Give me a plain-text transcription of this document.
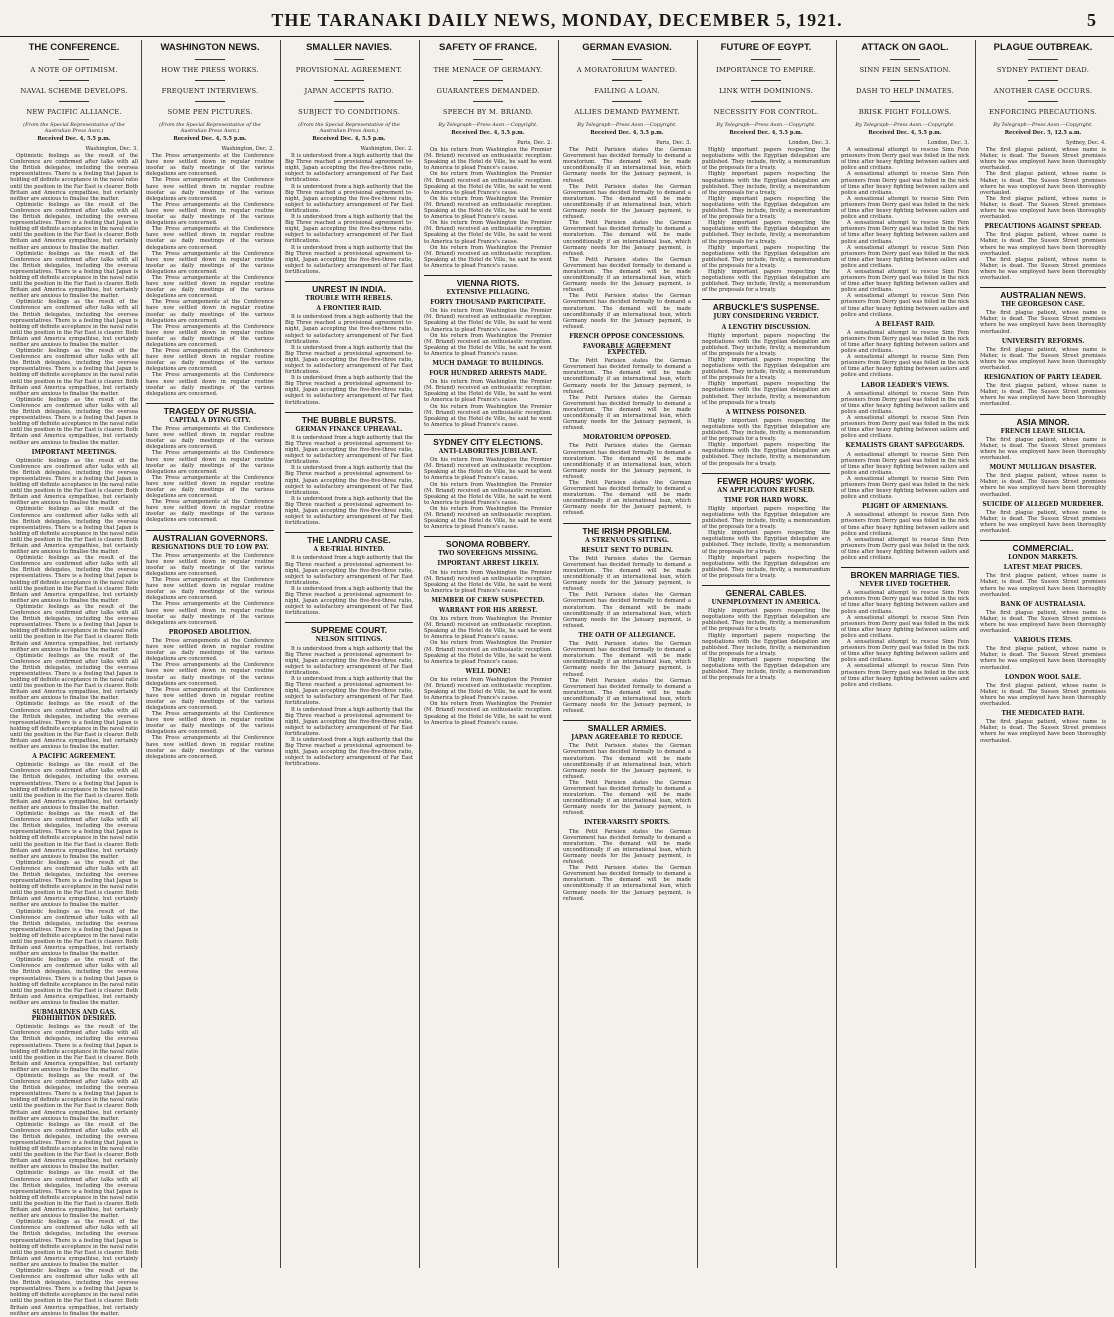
THE TARANAKI DAILY NEWS, MONDAY, DECEMBER 5, 1921.	5
THE CONFERENCE.
A NOTE OF OPTIMISM.
NAVAL SCHEME DEVELOPS.
NEW PACIFIC ALLIANCE.
(From the Special Representative of the Australian Press Assn.)
Received Dec. 4, 5.5 p.m.
Washington, Dec. 3.

Optimistic feelings as the result of the Conference are confirmed after talks with all the British delegates, including the oversea representatives. There is a feeling that Japan is holding off definite acceptance in the naval ratio until the position in the Far East is clearer. Both Britain and America sympathise, but certainly neither are anxious to finalise the matter.

Optimistic feelings as the result of the Conference are confirmed after talks with all the British delegates, including the oversea representatives. There is a feeling that Japan is holding off definite acceptance in the naval ratio until the position in the Far East is clearer. Both Britain and America sympathise, but certainly neither are anxious to finalise the matter.

Optimistic feelings as the result of the Conference are confirmed after talks with all the British delegates, including the oversea representatives. There is a feeling that Japan is holding off definite acceptance in the naval ratio until the position in the Far East is clearer. Both Britain and America sympathise, but certainly neither are anxious to finalise the matter.

Optimistic feelings as the result of the Conference are confirmed after talks with all the British delegates, including the oversea representatives. There is a feeling that Japan is holding off definite acceptance in the naval ratio until the position in the Far East is clearer. Both Britain and America sympathise, but certainly neither are anxious to finalise the matter.

Optimistic feelings as the result of the Conference are confirmed after talks with all the British delegates, including the oversea representatives. There is a feeling that Japan is holding off definite acceptance in the naval ratio until the position in the Far East is clearer. Both Britain and America sympathise, but certainly neither are anxious to finalise the matter.

Optimistic feelings as the result of the Conference are confirmed after talks with all the British delegates, including the oversea representatives. There is a feeling that Japan is holding off definite acceptance in the naval ratio until the position in the Far East is clearer. Both Britain and America sympathise, but certainly neither are anxious to finalise the matter.

IMPORTANT MEETINGS.

Optimistic feelings as the result of the Conference are confirmed after talks with all the British delegates, including the oversea representatives. There is a feeling that Japan is holding off definite acceptance in the naval ratio until the position in the Far East is clearer. Both Britain and America sympathise, but certainly neither are anxious to finalise the matter.

Optimistic feelings as the result of the Conference are confirmed after talks with all the British delegates, including the oversea representatives. There is a feeling that Japan is holding off definite acceptance in the naval ratio until the position in the Far East is clearer. Both Britain and America sympathise, but certainly neither are anxious to finalise the matter.

Optimistic feelings as the result of the Conference are confirmed after talks with all the British delegates, including the oversea representatives. There is a feeling that Japan is holding off definite acceptance in the naval ratio until the position in the Far East is clearer. Both Britain and America sympathise, but certainly neither are anxious to finalise the matter.

Optimistic feelings as the result of the Conference are confirmed after talks with all the British delegates, including the oversea representatives. There is a feeling that Japan is holding off definite acceptance in the naval ratio until the position in the Far East is clearer. Both Britain and America sympathise, but certainly neither are anxious to finalise the matter.

Optimistic feelings as the result of the Conference are confirmed after talks with all the British delegates, including the oversea representatives. There is a feeling that Japan is holding off definite acceptance in the naval ratio until the position in the Far East is clearer. Both Britain and America sympathise, but certainly neither are anxious to finalise the matter.

Optimistic feelings as the result of the Conference are confirmed after talks with all the British delegates, including the oversea representatives. There is a feeling that Japan is holding off definite acceptance in the naval ratio until the position in the Far East is clearer. Both Britain and America sympathise, but certainly neither are anxious to finalise the matter.

A PACIFIC AGREEMENT.

Optimistic feelings as the result of the Conference are confirmed after talks with all the British delegates, including the oversea representatives. There is a feeling that Japan is holding off definite acceptance in the naval ratio until the position in the Far East is clearer. Both Britain and America sympathise, but certainly neither are anxious to finalise the matter.

Optimistic feelings as the result of the Conference are confirmed after talks with all the British delegates, including the oversea representatives. There is a feeling that Japan is holding off definite acceptance in the naval ratio until the position in the Far East is clearer. Both Britain and America sympathise, but certainly neither are anxious to finalise the matter.

Optimistic feelings as the result of the Conference are confirmed after talks with all the British delegates, including the oversea representatives. There is a feeling that Japan is holding off definite acceptance in the naval ratio until the position in the Far East is clearer. Both Britain and America sympathise, but certainly neither are anxious to finalise the matter.

Optimistic feelings as the result of the Conference are confirmed after talks with all the British delegates, including the oversea representatives. There is a feeling that Japan is holding off definite acceptance in the naval ratio until the position in the Far East is clearer. Both Britain and America sympathise, but certainly neither are anxious to finalise the matter.

Optimistic feelings as the result of the Conference are confirmed after talks with all the British delegates, including the oversea representatives. There is a feeling that Japan is holding off definite acceptance in the naval ratio until the position in the Far East is clearer. Both Britain and America sympathise, but certainly neither are anxious to finalise the matter.

SUBMARINES AND GAS. PROHIBITION DESIRED.

Optimistic feelings as the result of the Conference are confirmed after talks with all the British delegates, including the oversea representatives. There is a feeling that Japan is holding off definite acceptance in the naval ratio until the position in the Far East is clearer. Both Britain and America sympathise, but certainly neither are anxious to finalise the matter.

Optimistic feelings as the result of the Conference are confirmed after talks with all the British delegates, including the oversea representatives. There is a feeling that Japan is holding off definite acceptance in the naval ratio until the position in the Far East is clearer. Both Britain and America sympathise, but certainly neither are anxious to finalise the matter.

Optimistic feelings as the result of the Conference are confirmed after talks with all the British delegates, including the oversea representatives. There is a feeling that Japan is holding off definite acceptance in the naval ratio until the position in the Far East is clearer. Both Britain and America sympathise, but certainly neither are anxious to finalise the matter.

Optimistic feelings as the result of the Conference are confirmed after talks with all the British delegates, including the oversea representatives. There is a feeling that Japan is holding off definite acceptance in the naval ratio until the position in the Far East is clearer. Both Britain and America sympathise, but certainly neither are anxious to finalise the matter.

Optimistic feelings as the result of the Conference are confirmed after talks with all the British delegates, including the oversea representatives. There is a feeling that Japan is holding off definite acceptance in the naval ratio until the position in the Far East is clearer. Both Britain and America sympathise, but certainly neither are anxious to finalise the matter.

Optimistic feelings as the result of the Conference are confirmed after talks with all the British delegates, including the oversea representatives. There is a feeling that Japan is holding off definite acceptance in the naval ratio until the position in the Far East is clearer. Both Britain and America sympathise, but certainly neither are anxious to finalise the matter.

WASHINGTON NEWS.
HOW THE PRESS WORKS.
FREQUENT INTERVIEWS.
SOME PEN PICTURES.
(From the Special Representative of the Australian Press Assn.)
Received Dec. 4, 5.5 p.m.
Washington, Dec. 2.

The Press arrangements at the Conference have now settled down in regular routine insofar as daily meetings of the various delegations are concerned.

The Press arrangements at the Conference have now settled down in regular routine insofar as daily meetings of the various delegations are concerned.

The Press arrangements at the Conference have now settled down in regular routine insofar as daily meetings of the various delegations are concerned.

The Press arrangements at the Conference have now settled down in regular routine insofar as daily meetings of the various delegations are concerned.

The Press arrangements at the Conference have now settled down in regular routine insofar as daily meetings of the various delegations are concerned.

The Press arrangements at the Conference have now settled down in regular routine insofar as daily meetings of the various delegations are concerned.

The Press arrangements at the Conference have now settled down in regular routine insofar as daily meetings of the various delegations are concerned.

The Press arrangements at the Conference have now settled down in regular routine insofar as daily meetings of the various delegations are concerned.

The Press arrangements at the Conference have now settled down in regular routine insofar as daily meetings of the various delegations are concerned.

The Press arrangements at the Conference have now settled down in regular routine insofar as daily meetings of the various delegations are concerned.

TRAGEDY OF RUSSIA.
CAPITAL A DYING CITY.

The Press arrangements at the Conference have now settled down in regular routine insofar as daily meetings of the various delegations are concerned.

The Press arrangements at the Conference have now settled down in regular routine insofar as daily meetings of the various delegations are concerned.

The Press arrangements at the Conference have now settled down in regular routine insofar as daily meetings of the various delegations are concerned.

The Press arrangements at the Conference have now settled down in regular routine insofar as daily meetings of the various delegations are concerned.

AUSTRALIAN GOVERNORS.
RESIGNATIONS DUE TO LOW PAY.

The Press arrangements at the Conference have now settled down in regular routine insofar as daily meetings of the various delegations are concerned.

The Press arrangements at the Conference have now settled down in regular routine insofar as daily meetings of the various delegations are concerned.

The Press arrangements at the Conference have now settled down in regular routine insofar as daily meetings of the various delegations are concerned.

PROPOSED ABOLITION.

The Press arrangements at the Conference have now settled down in regular routine insofar as daily meetings of the various delegations are concerned.

The Press arrangements at the Conference have now settled down in regular routine insofar as daily meetings of the various delegations are concerned.

The Press arrangements at the Conference have now settled down in regular routine insofar as daily meetings of the various delegations are concerned.

The Press arrangements at the Conference have now settled down in regular routine insofar as daily meetings of the various delegations are concerned.

The Press arrangements at the Conference have now settled down in regular routine insofar as daily meetings of the various delegations are concerned.

SMALLER NAVIES.
PROVISIONAL AGREEMENT.
JAPAN ACCEPTS RATIO.
SUBJECT TO CONDITIONS.
(From the Special Representative of the Australian Press Assn.)
Received Dec. 4, 5.5 p.m.
Washington, Dec. 2.

It is understood from a high authority that the Big Three reached a provisional agreement to-night, Japan accepting the five-five-three ratio, subject to satisfactory arrangement of Far East fortifications.

It is understood from a high authority that the Big Three reached a provisional agreement to-night, Japan accepting the five-five-three ratio, subject to satisfactory arrangement of Far East fortifications.

It is understood from a high authority that the Big Three reached a provisional agreement to-night, Japan accepting the five-five-three ratio, subject to satisfactory arrangement of Far East fortifications.

It is understood from a high authority that the Big Three reached a provisional agreement to-night, Japan accepting the five-five-three ratio, subject to satisfactory arrangement of Far East fortifications.

UNREST IN INDIA.
TROUBLE WITH REBELS.
A FRONTIER RAID.

It is understood from a high authority that the Big Three reached a provisional agreement to-night, Japan accepting the five-five-three ratio, subject to satisfactory arrangement of Far East fortifications.

It is understood from a high authority that the Big Three reached a provisional agreement to-night, Japan accepting the five-five-three ratio, subject to satisfactory arrangement of Far East fortifications.

It is understood from a high authority that the Big Three reached a provisional agreement to-night, Japan accepting the five-five-three ratio, subject to satisfactory arrangement of Far East fortifications.

THE BUBBLE BURSTS.
GERMAN FINANCE UPHEAVAL.

It is understood from a high authority that the Big Three reached a provisional agreement to-night, Japan accepting the five-five-three ratio, subject to satisfactory arrangement of Far East fortifications.

It is understood from a high authority that the Big Three reached a provisional agreement to-night, Japan accepting the five-five-three ratio, subject to satisfactory arrangement of Far East fortifications.

It is understood from a high authority that the Big Three reached a provisional agreement to-night, Japan accepting the five-five-three ratio, subject to satisfactory arrangement of Far East fortifications.

THE LANDRU CASE.
A RE-TRIAL HINTED.

It is understood from a high authority that the Big Three reached a provisional agreement to-night, Japan accepting the five-five-three ratio, subject to satisfactory arrangement of Far East fortifications.

It is understood from a high authority that the Big Three reached a provisional agreement to-night, Japan accepting the five-five-three ratio, subject to satisfactory arrangement of Far East fortifications.

SUPREME COURT.
NELSON SITTINGS.

It is understood from a high authority that the Big Three reached a provisional agreement to-night, Japan accepting the five-five-three ratio, subject to satisfactory arrangement of Far East fortifications.

It is understood from a high authority that the Big Three reached a provisional agreement to-night, Japan accepting the five-five-three ratio, subject to satisfactory arrangement of Far East fortifications.

It is understood from a high authority that the Big Three reached a provisional agreement to-night, Japan accepting the five-five-three ratio, subject to satisfactory arrangement of Far East fortifications.

It is understood from a high authority that the Big Three reached a provisional agreement to-night, Japan accepting the five-five-three ratio, subject to satisfactory arrangement of Far East fortifications.

SAFETY OF FRANCE.
THE MENACE OF GERMANY.
GUARANTEES DEMANDED.
SPEECH BY M. BRIAND.
By Telegraph—Press Assn.—Copyright.
Received Dec. 4, 5.5 p.m.
Paris, Dec. 2.

On his return from Washington the Premier (M. Briand) received an enthusiastic reception. Speaking at the Hotel de Ville, he said he went to America to plead France's cause.

On his return from Washington the Premier (M. Briand) received an enthusiastic reception. Speaking at the Hotel de Ville, he said he went to America to plead France's cause.

On his return from Washington the Premier (M. Briand) received an enthusiastic reception. Speaking at the Hotel de Ville, he said he went to America to plead France's cause.

On his return from Washington the Premier (M. Briand) received an enthusiastic reception. Speaking at the Hotel de Ville, he said he went to America to plead France's cause.

On his return from Washington the Premier (M. Briand) received an enthusiastic reception. Speaking at the Hotel de Ville, he said he went to America to plead France's cause.

VIENNA RIOTS.
EXTENSIVE PILLAGING.
FORTY THOUSAND PARTICIPATE.

On his return from Washington the Premier (M. Briand) received an enthusiastic reception. Speaking at the Hotel de Ville, he said he went to America to plead France's cause.

On his return from Washington the Premier (M. Briand) received an enthusiastic reception. Speaking at the Hotel de Ville, he said he went to America to plead France's cause.

MUCH DAMAGE TO BUILDINGS.
FOUR HUNDRED ARRESTS MADE.

On his return from Washington the Premier (M. Briand) received an enthusiastic reception. Speaking at the Hotel de Ville, he said he went to America to plead France's cause.

On his return from Washington the Premier (M. Briand) received an enthusiastic reception. Speaking at the Hotel de Ville, he said he went to America to plead France's cause.

SYDNEY CITY ELECTIONS.
ANTI-LABORITES JUBILANT.

On his return from Washington the Premier (M. Briand) received an enthusiastic reception. Speaking at the Hotel de Ville, he said he went to America to plead France's cause.

On his return from Washington the Premier (M. Briand) received an enthusiastic reception. Speaking at the Hotel de Ville, he said he went to America to plead France's cause.

On his return from Washington the Premier (M. Briand) received an enthusiastic reception. Speaking at the Hotel de Ville, he said he went to America to plead France's cause.

SONOMA ROBBERY.
TWO SOVEREIGNS MISSING.
IMPORTANT ARREST LIKELY.

On his return from Washington the Premier (M. Briand) received an enthusiastic reception. Speaking at the Hotel de Ville, he said he went to America to plead France's cause.

MEMBER OF CREW SUSPECTED.
WARRANT FOR HIS ARREST.

On his return from Washington the Premier (M. Briand) received an enthusiastic reception. Speaking at the Hotel de Ville, he said he went to America to plead France's cause.

On his return from Washington the Premier (M. Briand) received an enthusiastic reception. Speaking at the Hotel de Ville, he said he went to America to plead France's cause.

WELL DONE!

On his return from Washington the Premier (M. Briand) received an enthusiastic reception. Speaking at the Hotel de Ville, he said he went to America to plead France's cause.

On his return from Washington the Premier (M. Briand) received an enthusiastic reception. Speaking at the Hotel de Ville, he said he went to America to plead France's cause.

GERMAN EVASION.
A MORATORIUM WANTED.
FAILING A LOAN.
ALLIES DEMAND PAYMENT.
By Telegraph—Press Assn.—Copyright.
Received Dec. 4, 5.5 p.m.
Paris, Dec. 3.

The Petit Parisien states the German Government has decided formally to demand a moratorium. The demand will be made unconditionally if an international loan, which Germany needs for the January payment, is refused.

The Petit Parisien states the German Government has decided formally to demand a moratorium. The demand will be made unconditionally if an international loan, which Germany needs for the January payment, is refused.

The Petit Parisien states the German Government has decided formally to demand a moratorium. The demand will be made unconditionally if an international loan, which Germany needs for the January payment, is refused.

The Petit Parisien states the German Government has decided formally to demand a moratorium. The demand will be made unconditionally if an international loan, which Germany needs for the January payment, is refused.

The Petit Parisien states the German Government has decided formally to demand a moratorium. The demand will be made unconditionally if an international loan, which Germany needs for the January payment, is refused.

FRENCH OPPOSE CONCESSIONS.
FAVORABLE AGREEMENT EXPECTED.

The Petit Parisien states the German Government has decided formally to demand a moratorium. The demand will be made unconditionally if an international loan, which Germany needs for the January payment, is refused.

The Petit Parisien states the German Government has decided formally to demand a moratorium. The demand will be made unconditionally if an international loan, which Germany needs for the January payment, is refused.

MORATORIUM OPPOSED.

The Petit Parisien states the German Government has decided formally to demand a moratorium. The demand will be made unconditionally if an international loan, which Germany needs for the January payment, is refused.

The Petit Parisien states the German Government has decided formally to demand a moratorium. The demand will be made unconditionally if an international loan, which Germany needs for the January payment, is refused.

THE IRISH PROBLEM.
A STRENUOUS SITTING.
RESULT SENT TO DUBLIN.

The Petit Parisien states the German Government has decided formally to demand a moratorium. The demand will be made unconditionally if an international loan, which Germany needs for the January payment, is refused.

The Petit Parisien states the German Government has decided formally to demand a moratorium. The demand will be made unconditionally if an international loan, which Germany needs for the January payment, is refused.

THE OATH OF ALLEGIANCE.

The Petit Parisien states the German Government has decided formally to demand a moratorium. The demand will be made unconditionally if an international loan, which Germany needs for the January payment, is refused.

The Petit Parisien states the German Government has decided formally to demand a moratorium. The demand will be made unconditionally if an international loan, which Germany needs for the January payment, is refused.

SMALLER ARMIES.
JAPAN AGREEABLE TO REDUCE.

The Petit Parisien states the German Government has decided formally to demand a moratorium. The demand will be made unconditionally if an international loan, which Germany needs for the January payment, is refused.

The Petit Parisien states the German Government has decided formally to demand a moratorium. The demand will be made unconditionally if an international loan, which Germany needs for the January payment, is refused.

INTER-VARSITY SPORTS.

The Petit Parisien states the German Government has decided formally to demand a moratorium. The demand will be made unconditionally if an international loan, which Germany needs for the January payment, is refused.

The Petit Parisien states the German Government has decided formally to demand a moratorium. The demand will be made unconditionally if an international loan, which Germany needs for the January payment, is refused.

FUTURE OF EGYPT.
IMPORTANCE TO EMPIRE.
LINK WITH DOMINIONS.
NECESSITY FOR CONTROL.
By Telegraph—Press Assn.—Copyright.
Received Dec. 4, 5.5 p.m.
London, Dec. 3.

Highly important papers respecting the negotiations with the Egyptian delegation are published. They include, firstly, a memorandum of the proposals for a treaty.

Highly important papers respecting the negotiations with the Egyptian delegation are published. They include, firstly, a memorandum of the proposals for a treaty.

Highly important papers respecting the negotiations with the Egyptian delegation are published. They include, firstly, a memorandum of the proposals for a treaty.

Highly important papers respecting the negotiations with the Egyptian delegation are published. They include, firstly, a memorandum of the proposals for a treaty.

Highly important papers respecting the negotiations with the Egyptian delegation are published. They include, firstly, a memorandum of the proposals for a treaty.

Highly important papers respecting the negotiations with the Egyptian delegation are published. They include, firstly, a memorandum of the proposals for a treaty.

ARBUCKLE'S SUSPENSE.
JURY CONSIDERING VERDICT.
A LENGTHY DISCUSSION.

Highly important papers respecting the negotiations with the Egyptian delegation are published. They include, firstly, a memorandum of the proposals for a treaty.

Highly important papers respecting the negotiations with the Egyptian delegation are published. They include, firstly, a memorandum of the proposals for a treaty.

Highly important papers respecting the negotiations with the Egyptian delegation are published. They include, firstly, a memorandum of the proposals for a treaty.

A WITNESS POISONED.

Highly important papers respecting the negotiations with the Egyptian delegation are published. They include, firstly, a memorandum of the proposals for a treaty.

Highly important papers respecting the negotiations with the Egyptian delegation are published. They include, firstly, a memorandum of the proposals for a treaty.

FEWER HOURS' WORK.
AN APPLICATION REFUSED.
TIME FOR HARD WORK.

Highly important papers respecting the negotiations with the Egyptian delegation are published. They include, firstly, a memorandum of the proposals for a treaty.

Highly important papers respecting the negotiations with the Egyptian delegation are published. They include, firstly, a memorandum of the proposals for a treaty.

Highly important papers respecting the negotiations with the Egyptian delegation are published. They include, firstly, a memorandum of the proposals for a treaty.

GENERAL CABLES.
UNEMPLOYMENT IN AMERICA.

Highly important papers respecting the negotiations with the Egyptian delegation are published. They include, firstly, a memorandum of the proposals for a treaty.

Highly important papers respecting the negotiations with the Egyptian delegation are published. They include, firstly, a memorandum of the proposals for a treaty.

Highly important papers respecting the negotiations with the Egyptian delegation are published. They include, firstly, a memorandum of the proposals for a treaty.

ATTACK ON GAOL.
SINN FEIN SENSATION.
DASH TO HELP INMATES.
BRISK FIGHT FOLLOWS.
By Telegraph—Press Assn.—Copyright.
Received Dec. 4, 5.5 p.m.
London, Dec. 3.

A sensational attempt to rescue Sinn Fein prisoners from Derry gaol was foiled in the nick of time after heavy fighting between sailors and police and civilians.

A sensational attempt to rescue Sinn Fein prisoners from Derry gaol was foiled in the nick of time after heavy fighting between sailors and police and civilians.

A sensational attempt to rescue Sinn Fein prisoners from Derry gaol was foiled in the nick of time after heavy fighting between sailors and police and civilians.

A sensational attempt to rescue Sinn Fein prisoners from Derry gaol was foiled in the nick of time after heavy fighting between sailors and police and civilians.

A sensational attempt to rescue Sinn Fein prisoners from Derry gaol was foiled in the nick of time after heavy fighting between sailors and police and civilians.

A sensational attempt to rescue Sinn Fein prisoners from Derry gaol was foiled in the nick of time after heavy fighting between sailors and police and civilians.

A sensational attempt to rescue Sinn Fein prisoners from Derry gaol was foiled in the nick of time after heavy fighting between sailors and police and civilians.

A BELFAST RAID.

A sensational attempt to rescue Sinn Fein prisoners from Derry gaol was foiled in the nick of time after heavy fighting between sailors and police and civilians.

A sensational attempt to rescue Sinn Fein prisoners from Derry gaol was foiled in the nick of time after heavy fighting between sailors and police and civilians.

LABOR LEADER'S VIEWS.

A sensational attempt to rescue Sinn Fein prisoners from Derry gaol was foiled in the nick of time after heavy fighting between sailors and police and civilians.

A sensational attempt to rescue Sinn Fein prisoners from Derry gaol was foiled in the nick of time after heavy fighting between sailors and police and civilians.

KEMALISTS GRANT SAFEGUARDS.

A sensational attempt to rescue Sinn Fein prisoners from Derry gaol was foiled in the nick of time after heavy fighting between sailors and police and civilians.

A sensational attempt to rescue Sinn Fein prisoners from Derry gaol was foiled in the nick of time after heavy fighting between sailors and police and civilians.

PLIGHT OF ARMENIANS.

A sensational attempt to rescue Sinn Fein prisoners from Derry gaol was foiled in the nick of time after heavy fighting between sailors and police and civilians.

A sensational attempt to rescue Sinn Fein prisoners from Derry gaol was foiled in the nick of time after heavy fighting between sailors and police and civilians.

BROKEN MARRIAGE TIES.
NEVER LIVED TOGETHER.

A sensational attempt to rescue Sinn Fein prisoners from Derry gaol was foiled in the nick of time after heavy fighting between sailors and police and civilians.

A sensational attempt to rescue Sinn Fein prisoners from Derry gaol was foiled in the nick of time after heavy fighting between sailors and police and civilians.

A sensational attempt to rescue Sinn Fein prisoners from Derry gaol was foiled in the nick of time after heavy fighting between sailors and police and civilians.

A sensational attempt to rescue Sinn Fein prisoners from Derry gaol was foiled in the nick of time after heavy fighting between sailors and police and civilians.

PLAGUE OUTBREAK.
SYDNEY PATIENT DEAD.
ANOTHER CASE OCCURS.
ENFORCING PRECAUTIONS.
By Telegraph—Press Assn.—Copyright.
Received Dec. 5, 12.5 a.m.
Sydney, Dec. 4.

The first plague patient, whose name is Maher, is dead. The Sussex Street premises where he was employed have been thoroughly overhauled.

The first plague patient, whose name is Maher, is dead. The Sussex Street premises where he was employed have been thoroughly overhauled.

The first plague patient, whose name is Maher, is dead. The Sussex Street premises where he was employed have been thoroughly overhauled.

PRECAUTIONS AGAINST SPREAD.

The first plague patient, whose name is Maher, is dead. The Sussex Street premises where he was employed have been thoroughly overhauled.

The first plague patient, whose name is Maher, is dead. The Sussex Street premises where he was employed have been thoroughly overhauled.

AUSTRALIAN NEWS.
THE GEORGESON CASE.

The first plague patient, whose name is Maher, is dead. The Sussex Street premises where he was employed have been thoroughly overhauled.

UNIVERSITY REFORMS.

The first plague patient, whose name is Maher, is dead. The Sussex Street premises where he was employed have been thoroughly overhauled.

RESIGNATION OF PARTY LEADER.

The first plague patient, whose name is Maher, is dead. The Sussex Street premises where he was employed have been thoroughly overhauled.

ASIA MINOR.
FRENCH LEAVE SILICIA.

The first plague patient, whose name is Maher, is dead. The Sussex Street premises where he was employed have been thoroughly overhauled.

MOUNT MULLIGAN DISASTER.

The first plague patient, whose name is Maher, is dead. The Sussex Street premises where he was employed have been thoroughly overhauled.

SUICIDE OF ALLEGED MURDERER.

The first plague patient, whose name is Maher, is dead. The Sussex Street premises where he was employed have been thoroughly overhauled.

COMMERCIAL.
LONDON MARKETS.
LATEST MEAT PRICES.

The first plague patient, whose name is Maher, is dead. The Sussex Street premises where he was employed have been thoroughly overhauled.

BANK OF AUSTRALASIA.

The first plague patient, whose name is Maher, is dead. The Sussex Street premises where he was employed have been thoroughly overhauled.

VARIOUS ITEMS.

The first plague patient, whose name is Maher, is dead. The Sussex Street premises where he was employed have been thoroughly overhauled.

LONDON WOOL SALE.

The first plague patient, whose name is Maher, is dead. The Sussex Street premises where he was employed have been thoroughly overhauled.

THE MEDICATED BATH.

The first plague patient, whose name is Maher, is dead. The Sussex Street premises where he was employed have been thoroughly overhauled.
